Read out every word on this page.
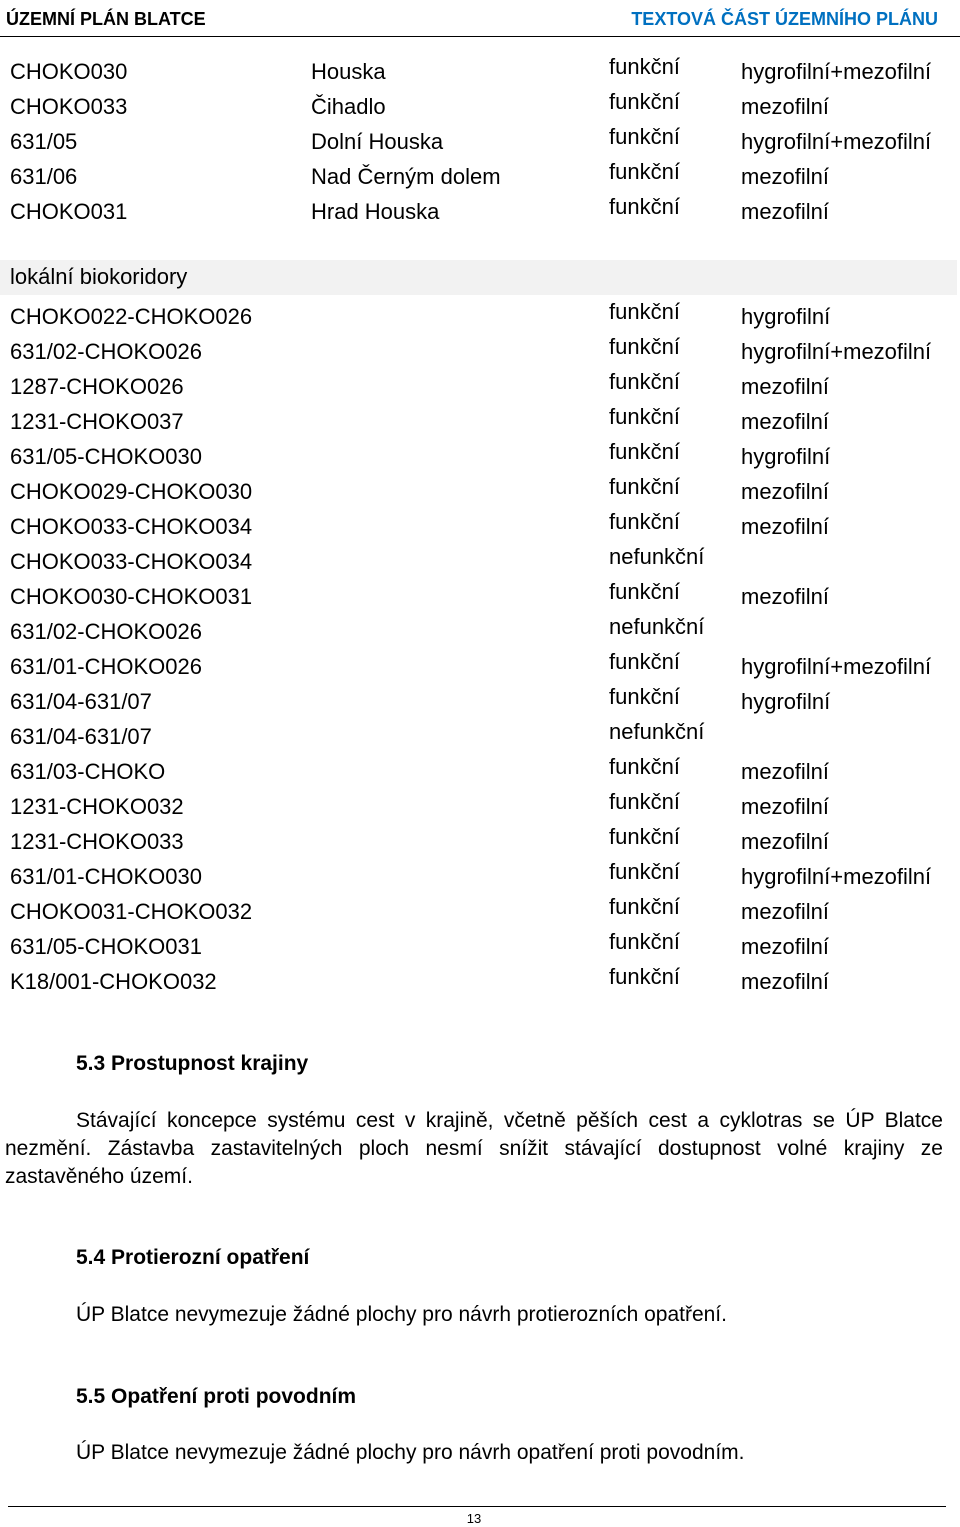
ÚZEMNÍ PLÁN BLATCE	TEXTOVÁ ČÁST ÚZEMNÍHO PLÁNU
CHOKO030	Houska	funkční	hygrofilní+mezofilní
CHOKO033	Čihadlo	funkční	mezofilní
631/05	Dolní Houska	funkční	hygrofilní+mezofilní
631/06	Nad Černým dolem	funkční	mezofilní
CHOKO031	Hrad Houska	funkční	mezofilní
lokální biokoridory
CHOKO022-CHOKO026	funkční	hygrofilní
631/02-CHOKO026	funkční	hygrofilní+mezofilní
1287-CHOKO026	funkční	mezofilní
1231-CHOKO037	funkční	mezofilní
631/05-CHOKO030	funkční	hygrofilní
CHOKO029-CHOKO030	funkční	mezofilní
CHOKO033-CHOKO034	funkční	mezofilní
CHOKO033-CHOKO034	nefunkční
CHOKO030-CHOKO031	funkční	mezofilní
631/02-CHOKO026	nefunkční
631/01-CHOKO026	funkční	hygrofilní+mezofilní
631/04-631/07	funkční	hygrofilní
631/04-631/07	nefunkční
631/03-CHOKO	funkční	mezofilní
1231-CHOKO032	funkční	mezofilní
1231-CHOKO033	funkční	mezofilní
631/01-CHOKO030	funkční	hygrofilní+mezofilní
CHOKO031-CHOKO032	funkční	mezofilní
631/05-CHOKO031	funkční	mezofilní
K18/001-CHOKO032	funkční	mezofilní
5.3 Prostupnost krajiny
Stávající koncepce systému cest v krajině, včetně pěších cest a cyklotras se ÚP Blatce nezmění. Zástavba zastavitelných ploch nesmí snížit stávající dostupnost volné krajiny ze zastavěného území.
5.4 Protierozní opatření
ÚP Blatce nevymezuje žádné plochy pro návrh protierozních opatření.
5.5 Opatření proti povodním
ÚP Blatce nevymezuje žádné plochy pro návrh opatření proti povodním.
13
